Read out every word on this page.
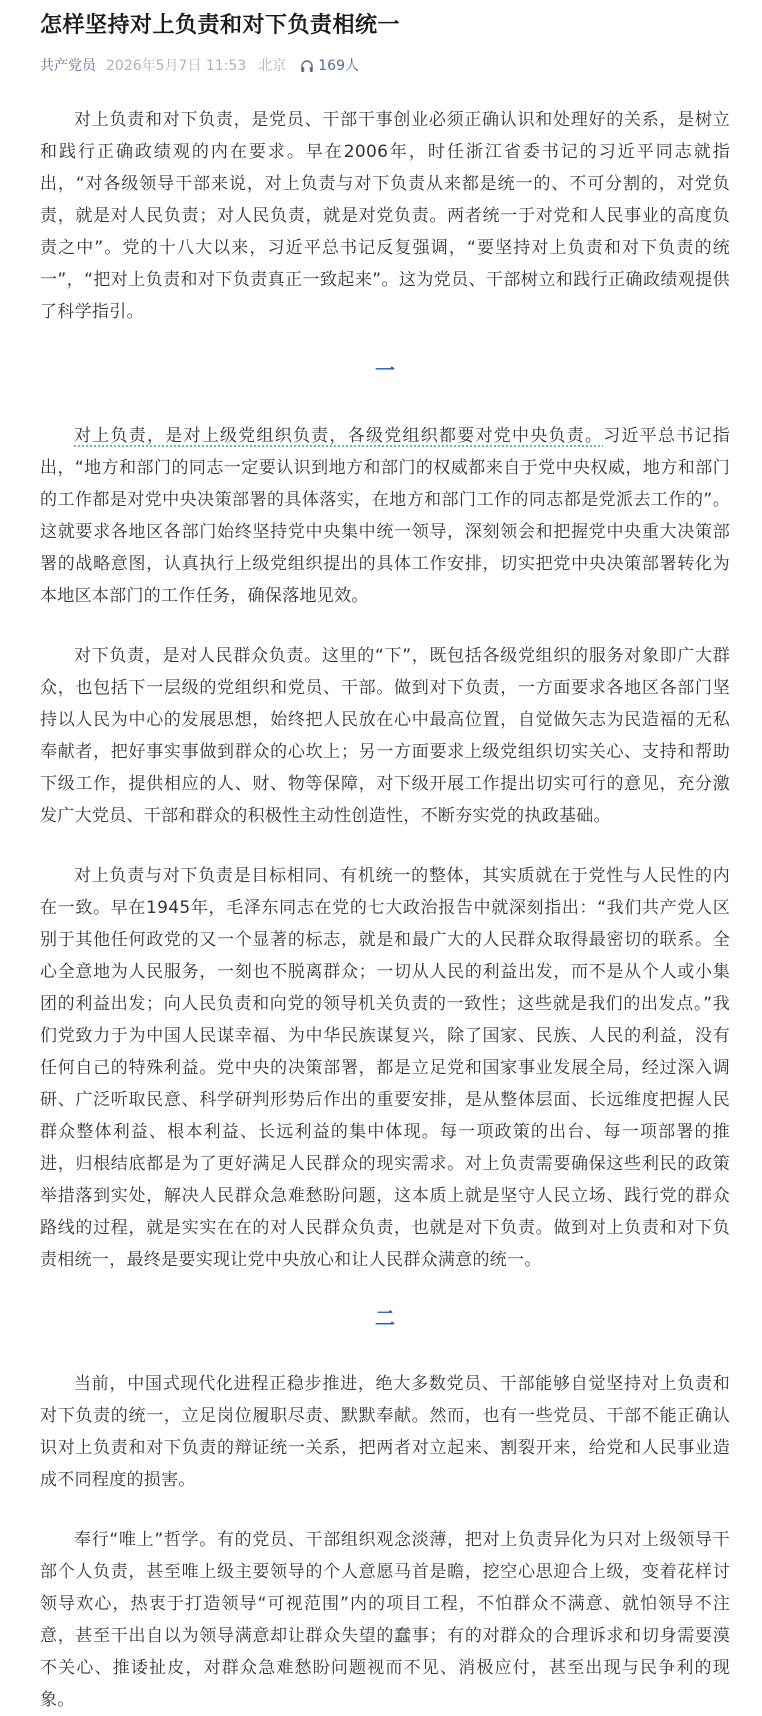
怎样坚持对上负责和对下负责相统一
共产党员 2026年5月7日 11:53 北京 169人

对上负责和对下负责，是党员、干部干事创业必须正确认识和处理好的关系，是树立和践行正确政绩观的内在要求。早在2006年，时任浙江省委书记的习近平同志就指出，“对各级领导干部来说，对上负责与对下负责从来都是统一的、不可分割的，对党负责，就是对人民负责；对人民负责，就是对党负责。两者统一于对党和人民事业的高度负责之中”。党的十八大以来，习近平总书记反复强调，“要坚持对上负责和对下负责的统一”，“把对上负责和对下负责真正一致起来”。这为党员、干部树立和践行正确政绩观提供了科学指引。

一

对上负责，是对上级党组织负责，各级党组织都要对党中央负责。习近平总书记指出，“地方和部门的同志一定要认识到地方和部门的权威都来自于党中央权威，地方和部门的工作都是对党中央决策部署的具体落实，在地方和部门工作的同志都是党派去工作的”。这就要求各地区各部门始终坚持党中央集中统一领导，深刻领会和把握党中央重大决策部署的战略意图，认真执行上级党组织提出的具体工作安排，切实把党中央决策部署转化为本地区本部门的工作任务，确保落地见效。

对下负责，是对人民群众负责。这里的“下”，既包括各级党组织的服务对象即广大群众，也包括下一层级的党组织和党员、干部。做到对下负责，一方面要求各地区各部门坚持以人民为中心的发展思想，始终把人民放在心中最高位置，自觉做矢志为民造福的无私奉献者，把好事实事做到群众的心坎上；另一方面要求上级党组织切实关心、支持和帮助下级工作，提供相应的人、财、物等保障，对下级开展工作提出切实可行的意见，充分激发广大党员、干部和群众的积极性主动性创造性，不断夯实党的执政基础。

对上负责与对下负责是目标相同、有机统一的整体，其实质就在于党性与人民性的内在一致。早在1945年，毛泽东同志在党的七大政治报告中就深刻指出：“我们共产党人区别于其他任何政党的又一个显著的标志，就是和最广大的人民群众取得最密切的联系。全心全意地为人民服务，一刻也不脱离群众；一切从人民的利益出发，而不是从个人或小集团的利益出发；向人民负责和向党的领导机关负责的一致性；这些就是我们的出发点。”我们党致力于为中国人民谋幸福、为中华民族谋复兴，除了国家、民族、人民的利益，没有任何自己的特殊利益。党中央的决策部署，都是立足党和国家事业发展全局，经过深入调研、广泛听取民意、科学研判形势后作出的重要安排，是从整体层面、长远维度把握人民群众整体利益、根本利益、长远利益的集中体现。每一项政策的出台、每一项部署的推进，归根结底都是为了更好满足人民群众的现实需求。对上负责需要确保这些利民的政策举措落到实处，解决人民群众急难愁盼问题，这本质上就是坚守人民立场、践行党的群众路线的过程，就是实实在在的对人民群众负责，也就是对下负责。做到对上负责和对下负责相统一，最终是要实现让党中央放心和让人民群众满意的统一。

二

当前，中国式现代化进程正稳步推进，绝大多数党员、干部能够自觉坚持对上负责和对下负责的统一，立足岗位履职尽责、默默奉献。然而，也有一些党员、干部不能正确认识对上负责和对下负责的辩证统一关系，把两者对立起来、割裂开来，给党和人民事业造成不同程度的损害。

奉行“唯上”哲学。有的党员、干部组织观念淡薄，把对上负责异化为只对上级领导干部个人负责，甚至唯上级主要领导的个人意愿马首是瞻，挖空心思迎合上级，变着花样讨领导欢心，热衷于打造领导“可视范围”内的项目工程，不怕群众不满意、就怕领导不注意，甚至干出自以为领导满意却让群众失望的蠢事；有的对群众的合理诉求和切身需要漠不关心、推诿扯皮，对群众急难愁盼问题视而不见、消极应付，甚至出现与民争利的现象。
